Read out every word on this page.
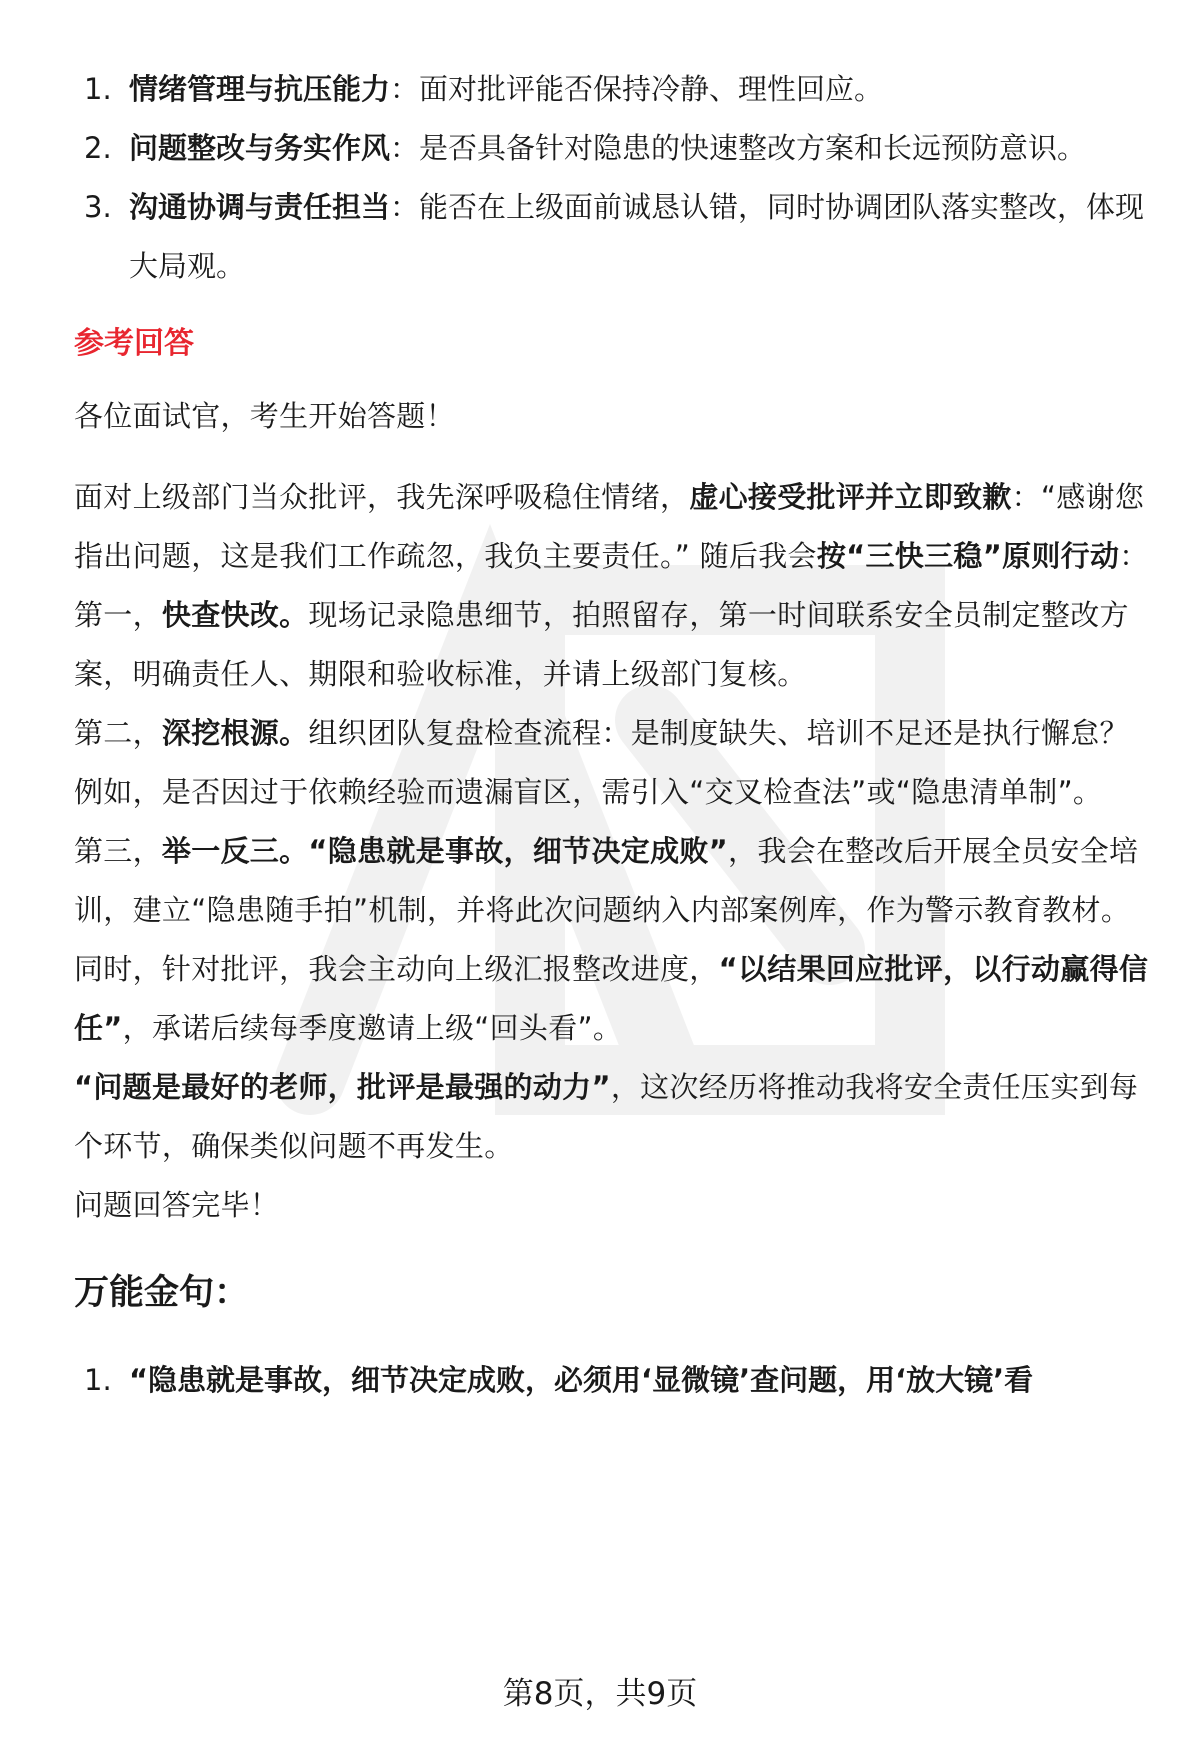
1. 情绪管理与抗压能力：面对批评能否保持冷静、理性回应。

2. 问题整改与务实作风：是否具备针对隐患的快速整改方案和长远预防意识。

3. 沟通协调与责任担当：能否在上级面前诚恳认错，同时协调团队落实整改，体现大局观。

参考回答

各位面试官，考生开始答题！

面对上级部门当众批评，我先深呼吸稳住情绪，虚心接受批评并立即致歉：“感谢您指出问题，这是我们工作疏忽，我负主要责任。” 随后我会按“三快三稳”原则行动：

第一，快查快改。现场记录隐患细节，拍照留存，第一时间联系安全员制定整改方案，明确责任人、期限和验收标准，并请上级部门复核。

第二，深挖根源。组织团队复盘检查流程：是制度缺失、培训不足还是执行懈怠？例如，是否因过于依赖经验而遗漏盲区，需引入“交叉检查法”或“隐患清单制”。

第三，举一反三。“隐患就是事故，细节决定成败”，我会在整改后开展全员安全培训，建立“隐患随手拍”机制，并将此次问题纳入内部案例库，作为警示教育教材。

同时，针对批评，我会主动向上级汇报整改进度，“以结果回应批评，以行动赢得信任”，承诺后续每季度邀请上级“回头看”。

“问题是最好的老师，批评是最强的动力”，这次经历将推动我将安全责任压实到每个环节，确保类似问题不再发生。

问题回答完毕！

万能金句：

1. “隐患就是事故，细节决定成败，必须用‘显微镜’查问题，用‘放大镜’看

第8页，共9页
